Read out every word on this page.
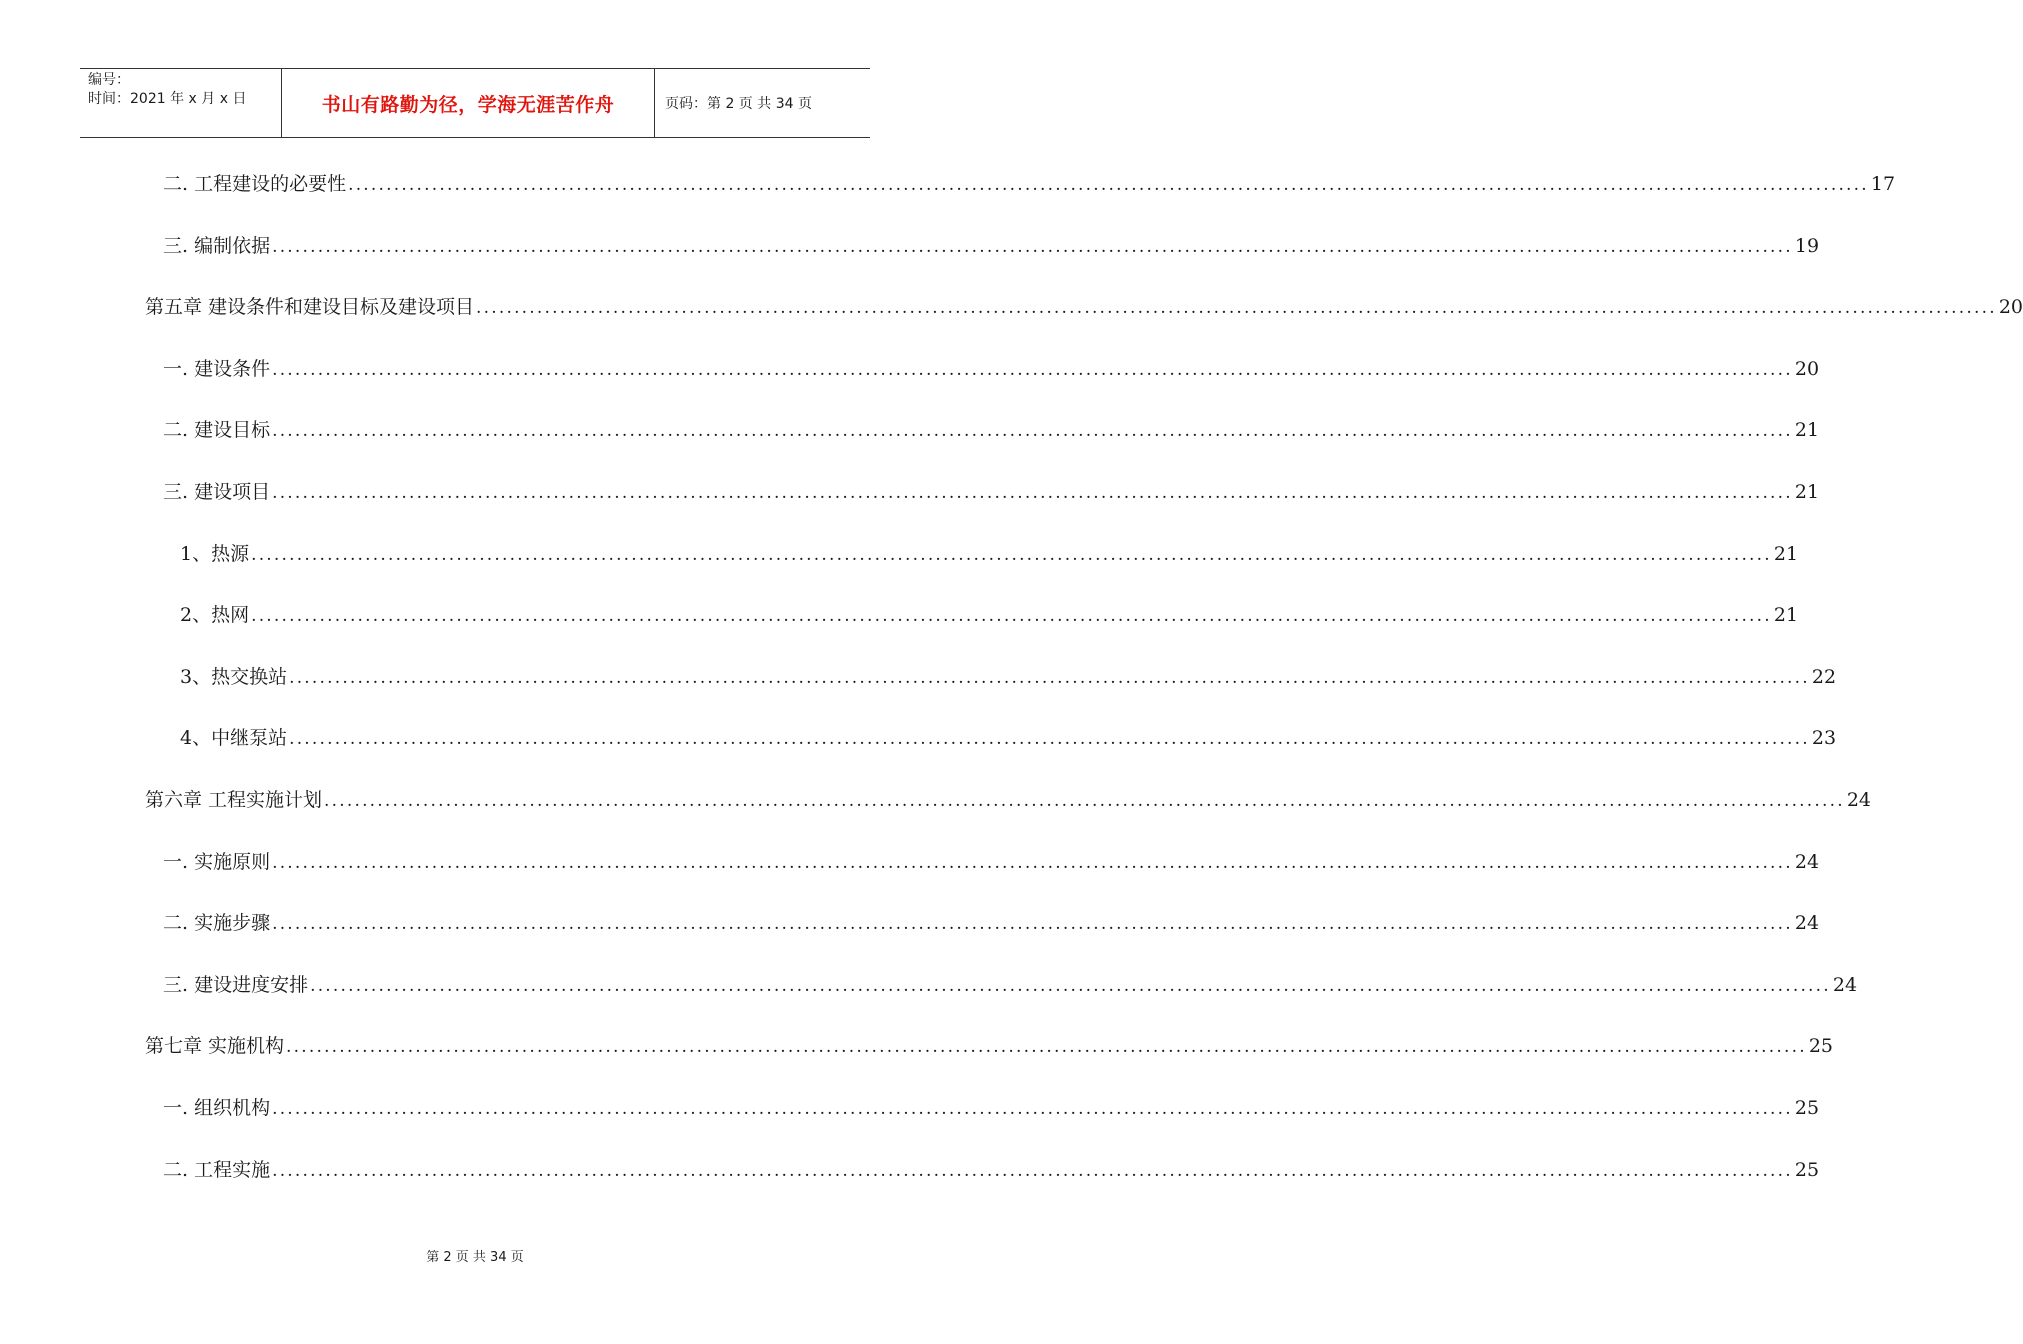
编号：
时间：2021 年 x 月 x 日	书山有路勤为径，学海无涯苦作舟	页码：第 2 页 共 34 页
二. 工程建设的必要性 ........................................................................................................................................................................................................ 17
三. 编制依据 ........................................................................................................................................................................................................ 19
第五章 建设条件和建设目标及建设项目 ........................................................................................................................................................................................................ 20
一. 建设条件 ........................................................................................................................................................................................................ 20
二. 建设目标 ........................................................................................................................................................................................................ 21
三. 建设项目 ........................................................................................................................................................................................................ 21
1、热源 ........................................................................................................................................................................................................ 21
2、热网 ........................................................................................................................................................................................................ 21
3、热交换站 ........................................................................................................................................................................................................ 22
4、中继泵站 ........................................................................................................................................................................................................ 23
第六章 工程实施计划 ........................................................................................................................................................................................................ 24
一. 实施原则 ........................................................................................................................................................................................................ 24
二. 实施步骤 ........................................................................................................................................................................................................ 24
三. 建设进度安排 ........................................................................................................................................................................................................ 24
第七章 实施机构 ........................................................................................................................................................................................................ 25
一. 组织机构 ........................................................................................................................................................................................................ 25
二. 工程实施 ........................................................................................................................................................................................................ 25
第 2 页 共 34 页
